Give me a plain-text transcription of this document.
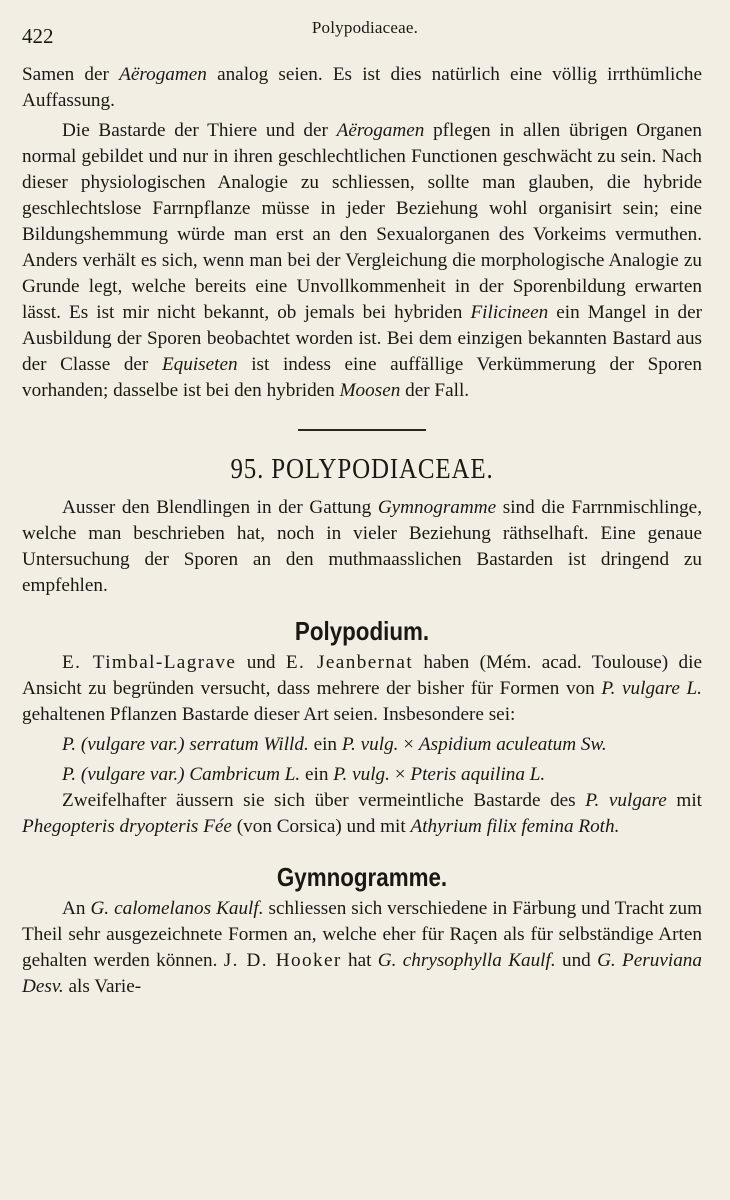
422	Polypodiaceae.

Samen der Aërogamen analog seien. Es ist dies natürlich eine völlig irrthümliche Auffassung.

Die Bastarde der Thiere und der Aërogamen pflegen in allen übrigen Organen normal gebildet und nur in ihren geschlechtlichen Functionen geschwächt zu sein. Nach dieser physiologischen Analogie zu schliessen, sollte man glauben, die hybride geschlechtslose Farrnpflanze müsse in jeder Beziehung wohl organisirt sein; eine Bildungshemmung würde man erst an den Sexualorganen des Vorkeims vermuthen. Anders verhält es sich, wenn man bei der Vergleichung die morphologische Analogie zu Grunde legt, welche bereits eine Unvollkommenheit in der Sporenbildung erwarten lässt. Es ist mir nicht bekannt, ob jemals bei hybriden Filicineen ein Mangel in der Ausbildung der Sporen beobachtet worden ist. Bei dem einzigen bekannten Bastard aus der Classe der Equiseten ist indess eine auffällige Verkümmerung der Sporen vorhanden; dasselbe ist bei den hybriden Moosen der Fall.

95. POLYPODIACEAE.

Ausser den Blendlingen in der Gattung Gymnogramme sind die Farrnmischlinge, welche man beschrieben hat, noch in vieler Beziehung räthselhaft. Eine genaue Untersuchung der Sporen an den muthmaasslichen Bastarden ist dringend zu empfehlen.

Polypodium.

E. Timbal-Lagrave und E. Jeanbernat haben (Mém. acad. Toulouse) die Ansicht zu begründen versucht, dass mehrere der bisher für Formen von P. vulgare L. gehaltenen Pflanzen Bastarde dieser Art seien. Insbesondere sei:

P. (vulgare var.) serratum Willd. ein P. vulg. × Aspidium aculeatum Sw.

P. (vulgare var.) Cambricum L. ein P. vulg. × Pteris aquilina L.

Zweifelhafter äussern sie sich über vermeintliche Bastarde des P. vulgare mit Phegopteris dryopteris Fée (von Corsica) und mit Athyrium filix femina Roth.

Gymnogramme.

An G. calomelanos Kaulf. schliessen sich verschiedene in Färbung und Tracht zum Theil sehr ausgezeichnete Formen an, welche eher für Raçen als für selbständige Arten gehalten werden können. J. D. Hooker hat G. chrysophylla Kaulf. und G. Peruviana Desv. als Varie-
